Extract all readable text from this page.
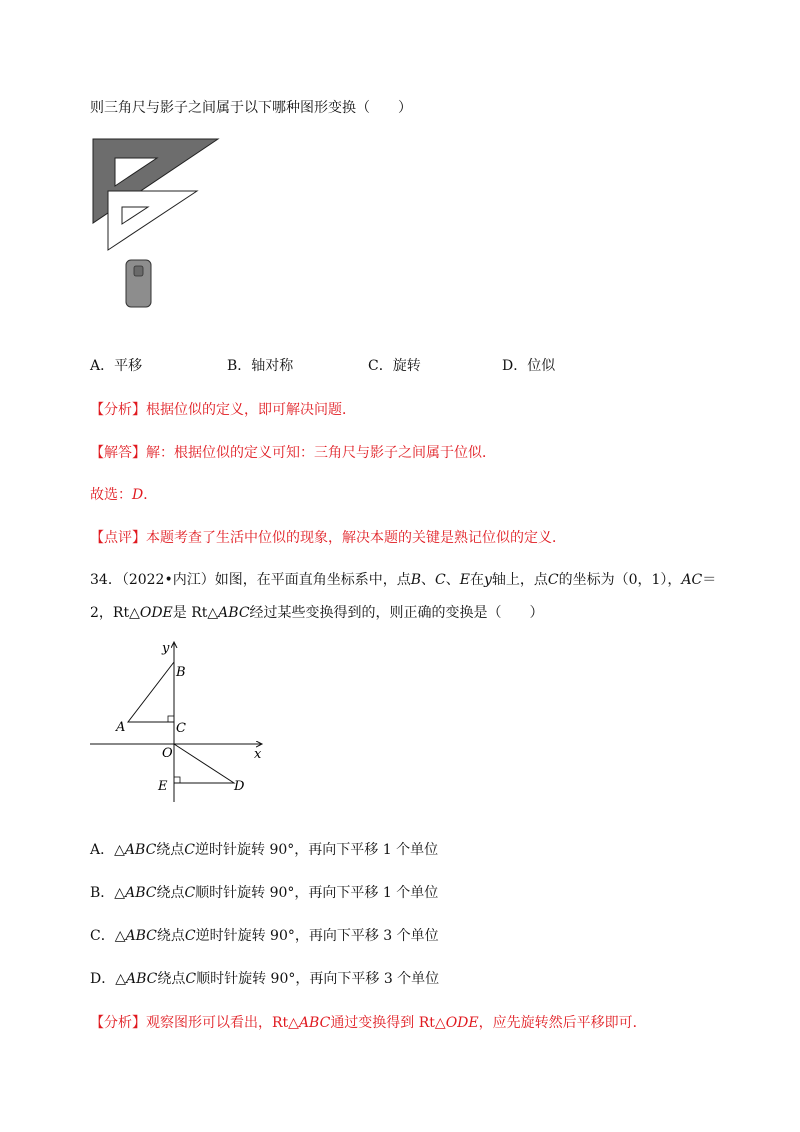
则三角尺与影子之间属于以下哪种图形变换（　　）
A．平移	B．轴对称	C．旋转	D．位似
【分析】根据位似的定义，即可解决问题．
【解答】解：根据位似的定义可知：三角尺与影子之间属于位似．
故选：D．
【点评】本题考查了生活中位似的现象，解决本题的关键是熟记位似的定义．
34．（2022•内江）如图，在平面直角坐标系中，点B、C、E在y轴上，点C的坐标为（0，1），AC＝
2，Rt△ODE是 Rt△ABC经过某些变换得到的，则正确的变换是（　　）
y
x
B
A	C
O
E	D
A．△ABC绕点C逆时针旋转 90°，再向下平移 1 个单位
B．△ABC绕点C顺时针旋转 90°，再向下平移 1 个单位
C．△ABC绕点C逆时针旋转 90°，再向下平移 3 个单位
D．△ABC绕点C顺时针旋转 90°，再向下平移 3 个单位
【分析】观察图形可以看出，Rt△ABC通过变换得到 Rt△ODE，应先旋转然后平移即可．
